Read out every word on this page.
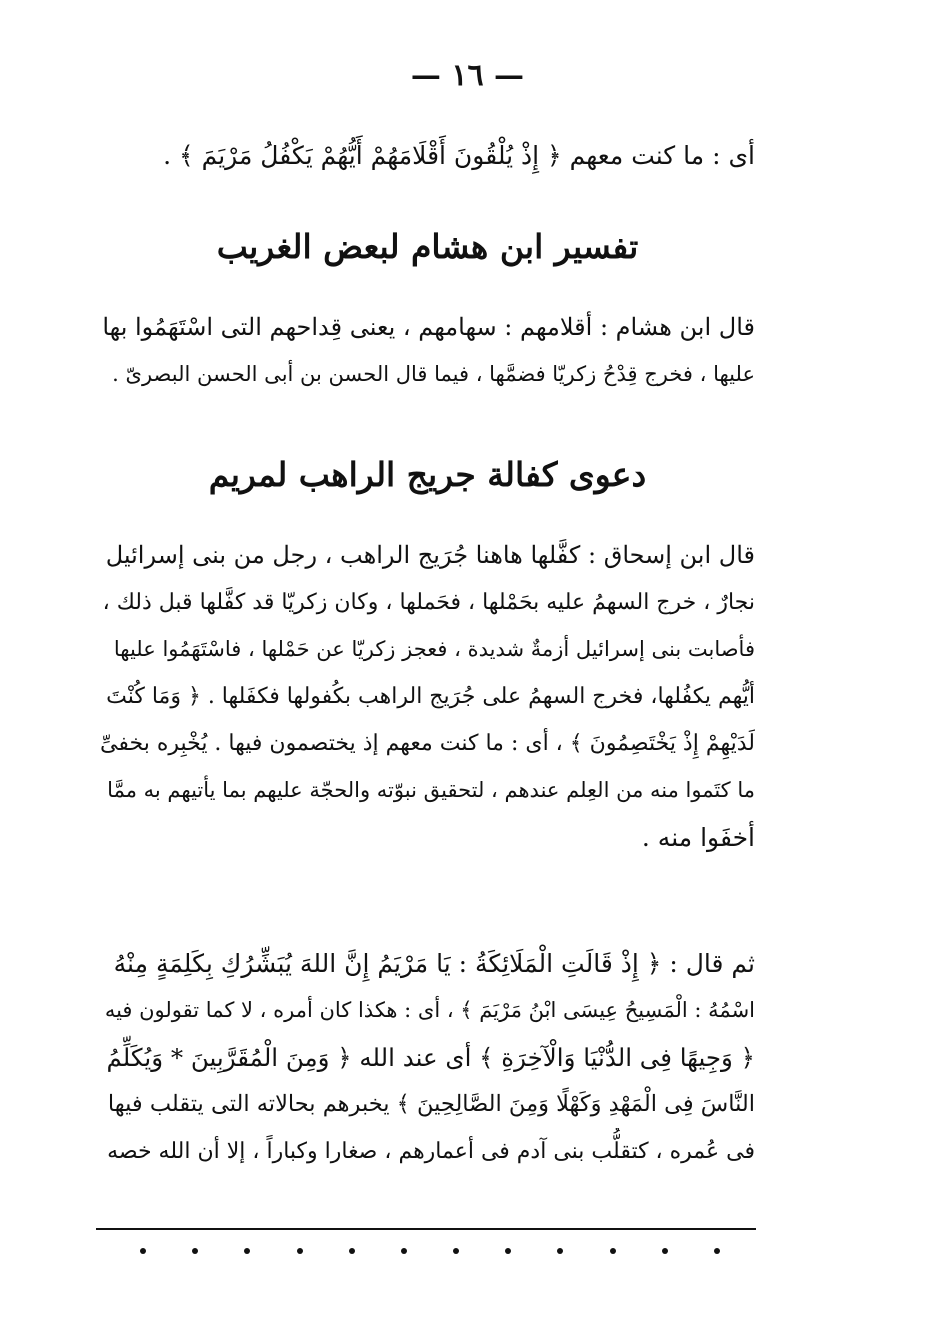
— ١٦ —
أى : ما كنت معهم ﴿ إِذْ يُلْقُونَ أَقْلَامَهُمْ أَيُّهُمْ يَكْفُلُ مَرْيَمَ ﴾ .
تفسير ابن هشام لبعض الغريب
قال ابن هشام : أقلامهم : سهامهم ، يعنى قِداحهم التى اسْتَهَمُوا بها
عليها ، فخرج قِدْحُ زكريّا فضمَّها ، فيما قال الحسن بن أبى الحسن البصرىّ .
دعوى كفالة جريج الراهب لمريم
قال ابن إسحاق : كفَّلها هاهنا جُرَيج الراهب ، رجل من بنى إسرائيل
نجارٌ ، خرج السهمُ عليه بحَمْلها ، فحَملها ، وكان زكريّا قد كفَّلها قبل ذلك ،
فأصابت بنى إسرائيل أزمةٌ شديدة ، فعجز زكريّا عن حَمْلها ، فاسْتَهَمُوا عليها
أيُّهم يكفُلها، فخرج السهمُ على جُرَيج الراهب بكُفولها فكفَلها . ﴿ وَمَا كُنْتَ
لَدَيْهِمْ إِذْ يَخْتَصِمُونَ ﴾ ، أى : ما كنت معهم إذ يختصمون فيها . يُخْبِره بخفىِّ
ما كتَموا منه من العِلم عندهم ، لتحقيق نبوّته والحجّة عليهم بما يأتيهم به ممَّا
أخفَوا منه .
ثم قال : ﴿ إِذْ قَالَتِ الْمَلَائِكَةُ : يَا مَرْيَمُ إِنَّ اللهَ يُبَشِّرُكِ بِكَلِمَةٍ مِنْهُ
اسْمُهُ : الْمَسِيحُ عِيسَى ابْنُ مَرْيَمَ ﴾ ، أى : هكذا كان أمره ، لا كما تقولون فيه
﴿ وَجِيهًا فِى الدُّنْيَا وَالْآخِرَةِ ﴾ أى عند الله ﴿ وَمِنَ الْمُقَرَّبِينَ * وَيُكَلِّمُ
النَّاسَ فِى الْمَهْدِ وَكَهْلًا وَمِنَ الصَّالِحِينَ ﴾ يخبرهم بحالاته التى يتقلب فيها
فى عُمره ، كتقلُّب بنى آدم فى أعمارهم ، صغارا وكباراً ، إلا أن الله خصه
